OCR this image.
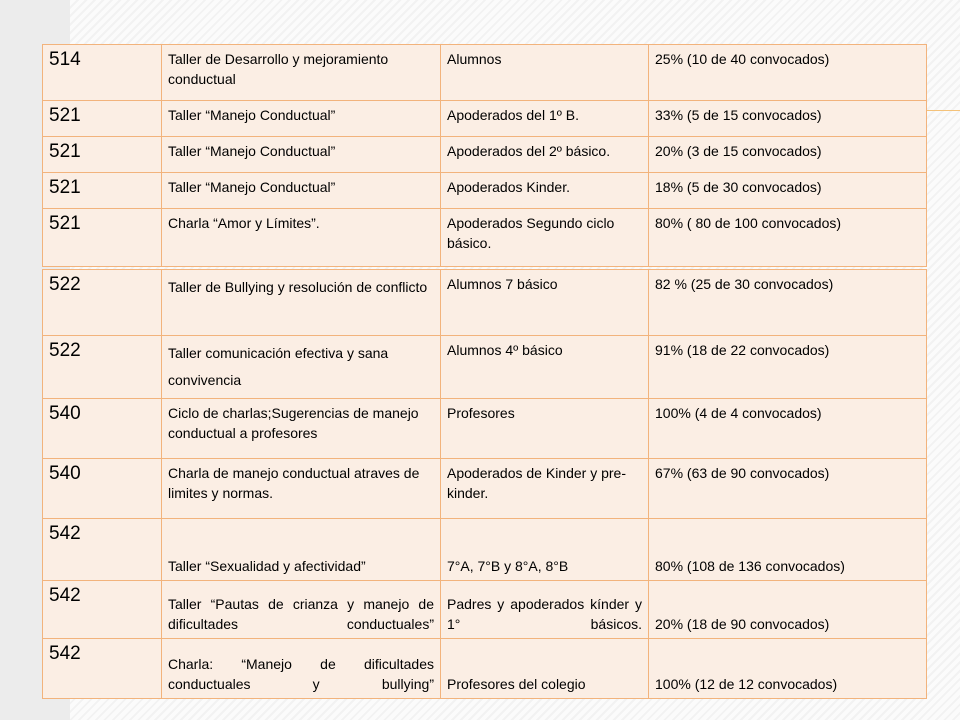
514	Taller de Desarrollo y mejoramiento conductual	Alumnos	25% (10 de 40 convocados)
521	Taller “Manejo Conductual”	Apoderados del 1º B.	33% (5 de 15 convocados)
521	Taller “Manejo Conductual”	Apoderados del 2º básico.	20% (3 de 15 convocados)
521	Taller “Manejo Conductual”	Apoderados Kinder.	18% (5 de 30 convocados)
521	Charla “Amor y Límites”.	Apoderados Segundo ciclo básico.	80% ( 80 de 100 convocados)
522	Taller de Bullying y resolución de conflicto	Alumnos 7 básico	82 % (25 de 30 convocados)
522	Taller comunicación efectiva y sana convivencia	Alumnos 4º básico	91% (18 de 22 convocados)
540	Ciclo de charlas;Sugerencias de manejo conductual a profesores	Profesores	100% (4 de 4 convocados)
540	Charla de manejo conductual atraves de limites y normas.	Apoderados de Kinder y pre-kinder.	67% (63 de 90 convocados)
542	Taller “Sexualidad y afectividad”	7°A, 7°B y 8°A, 8°B	80% (108 de 136 convocados)
542	Taller “Pautas de crianza y manejo de dificultades conductuales”	Padres y apoderados kínder y 1° básicos.	20% (18 de 90 convocados)
542	Charla: “Manejo de dificultades conductuales y bullying”	Profesores del colegio	100% (12 de 12 convocados)
